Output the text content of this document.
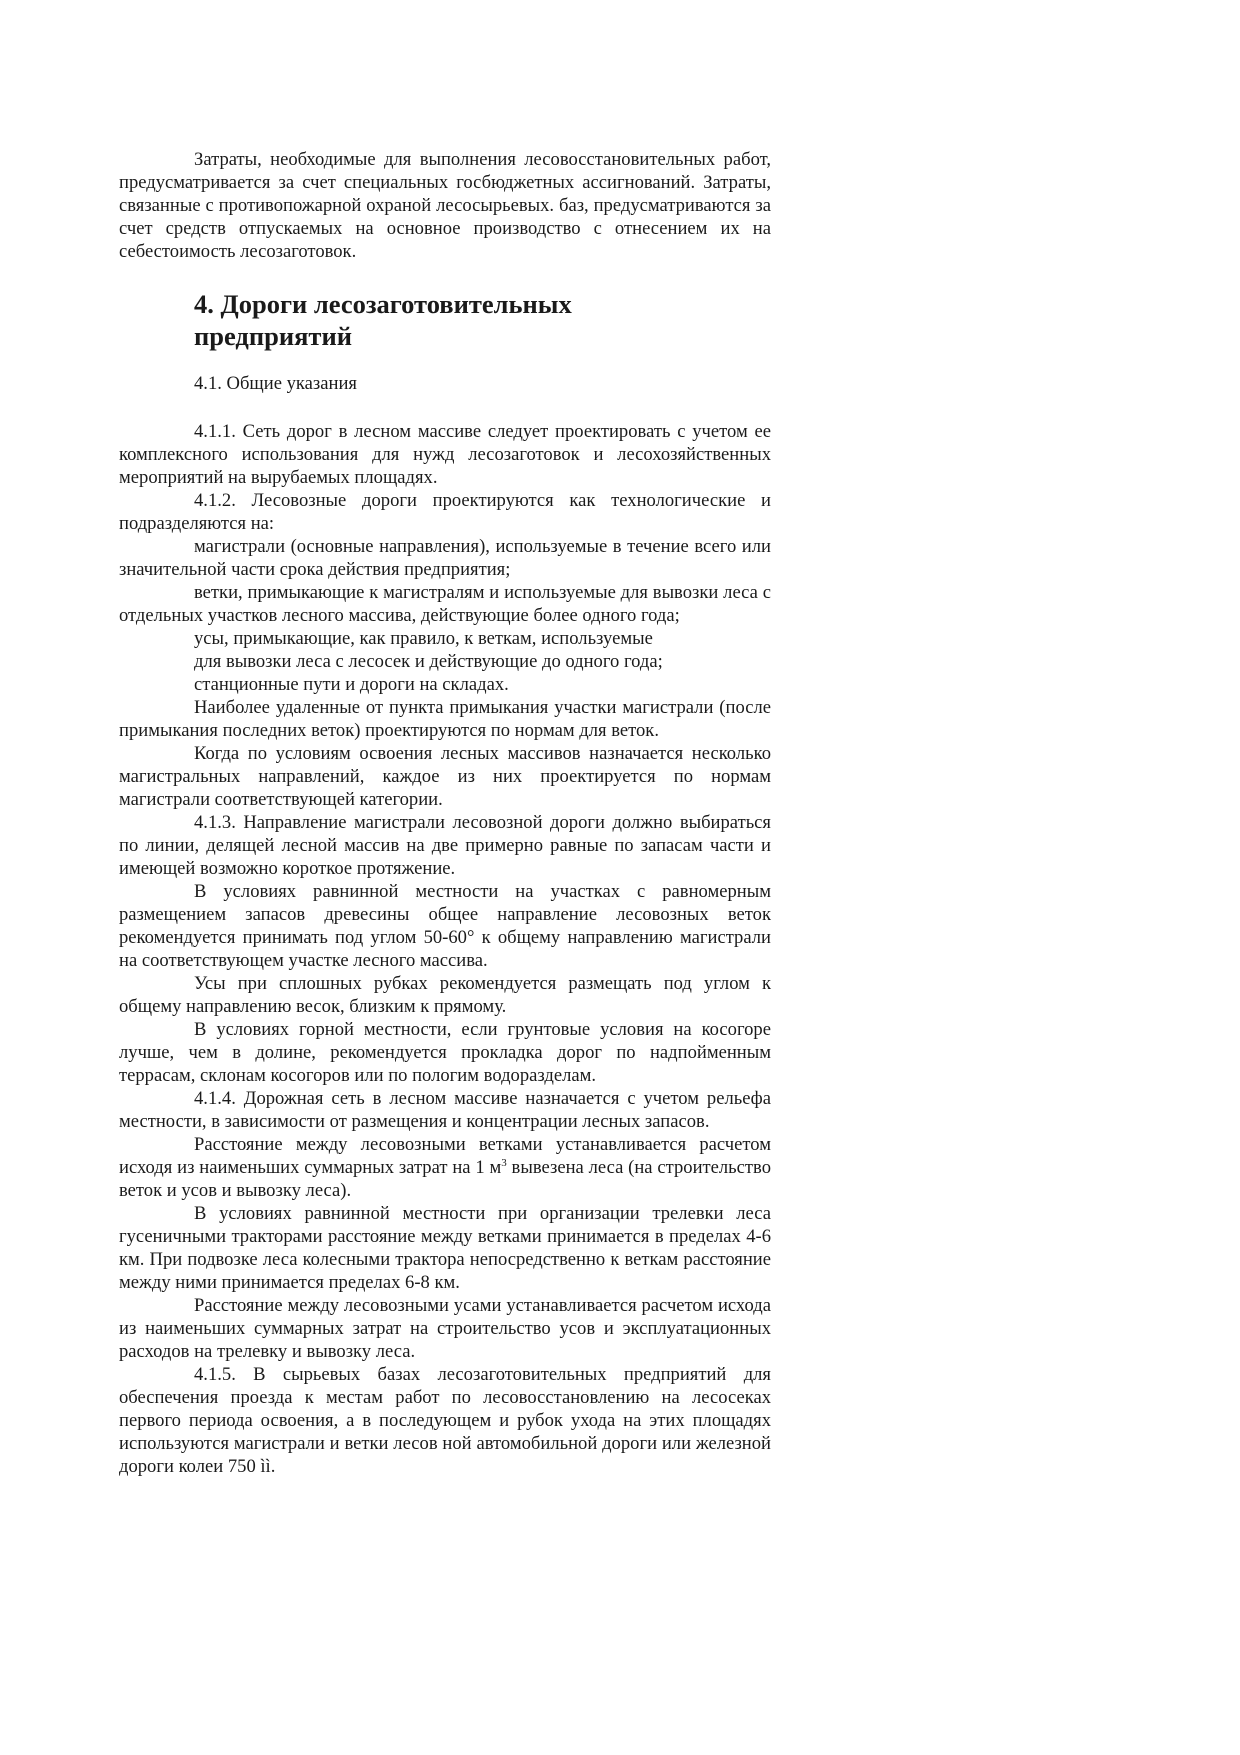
Затраты, необходимые для выполнения лесовосстановительных работ, предусматривается за счет специальных госбюджетных ассигнований. Затраты, связанные с противопожарной охраной лесосырьевых. баз, предусматриваются за счет средств отпускаемых на основное производство с отнесением их на себестоимость лесозаготовок.

4. Дороги лесозаготовительных предприятий
4.1. Общие указания

4.1.1. Сеть дорог в лесном массиве следует проектировать с учетом ее комплексного использования для нужд лесозаготовок и лесохозяйственных мероприятий на вырубаемых площадях.

4.1.2. Лесовозные дороги проектируются как технологические и подразделяются на:

магистрали (основные направления), используемые в течение всего или значительной части срока действия предприятия;

ветки, примыкающие к магистралям и используемые для вывозки леса с отдельных участков лесного массива, действующие более одного года;

усы, примыкающие, как правило, к веткам, используемые

для вывозки леса с лесосек и действующие до одного года;

станционные пути и дороги на складах.

Наиболее удаленные от пункта примыкания участки магистрали (после примыкания последних веток) проектируются по нормам для веток.

Когда по условиям освоения лесных массивов назначается несколько магистральных направлений, каждое из них проектируется по нормам магистрали соответствующей категории.

4.1.3. Направление магистрали лесовозной дороги должно выбираться по линии, делящей лесной массив на две примерно равные по запасам части и имеющей возможно короткое протяжение.

В условиях равнинной местности на участках с равномерным размещением запасов древесины общее направление лесовозных веток рекомендуется принимать под углом 50-60° к общему направлению магистрали на соответствующем участке лесного массива.

Усы при сплошных рубках рекомендуется размещать под углом к общему направлению весок, близким к прямому.

В условиях горной местности, если грунтовые условия на косогоре лучше, чем в долине, рекомендуется прокладка дорог по надпойменным террасам, склонам косогоров или по пологим водоразделам.

4.1.4. Дорожная сеть в лесном массиве назначается с учетом рельефа местности, в зависимости от размещения и концентрации лесных запасов.

Расстояние между лесовозными ветками устанавливается расчетом исходя из наименьших суммарных затрат на 1 $м^3$ вывезена леса (на строительство веток и усов и вывозку леса).

В условиях равнинной местности при организации трелевки леса гусеничными тракторами расстояние между ветками принимается в пределах 4-6 км. При подвозке леса колесными трактора непосредственно к веткам расстояние между ними принимается пределах 6-8 км.

Расстояние между лесовозными усами устанавливается расчетом исхода из наименьших суммарных затрат на строительство усов и эксплуатационных расходов на трелевку и вывозку леса.

4.1.5. В сырьевых базах лесозаготовительных предприятий для обеспечения проезда к местам работ по лесовосстановлению на лесосеках первого периода освоения, а в последующем и рубок ухода на этих площадях используются магистрали и ветки лесов ной автомобильной дороги или железной дороги колеи 750 ìì.
